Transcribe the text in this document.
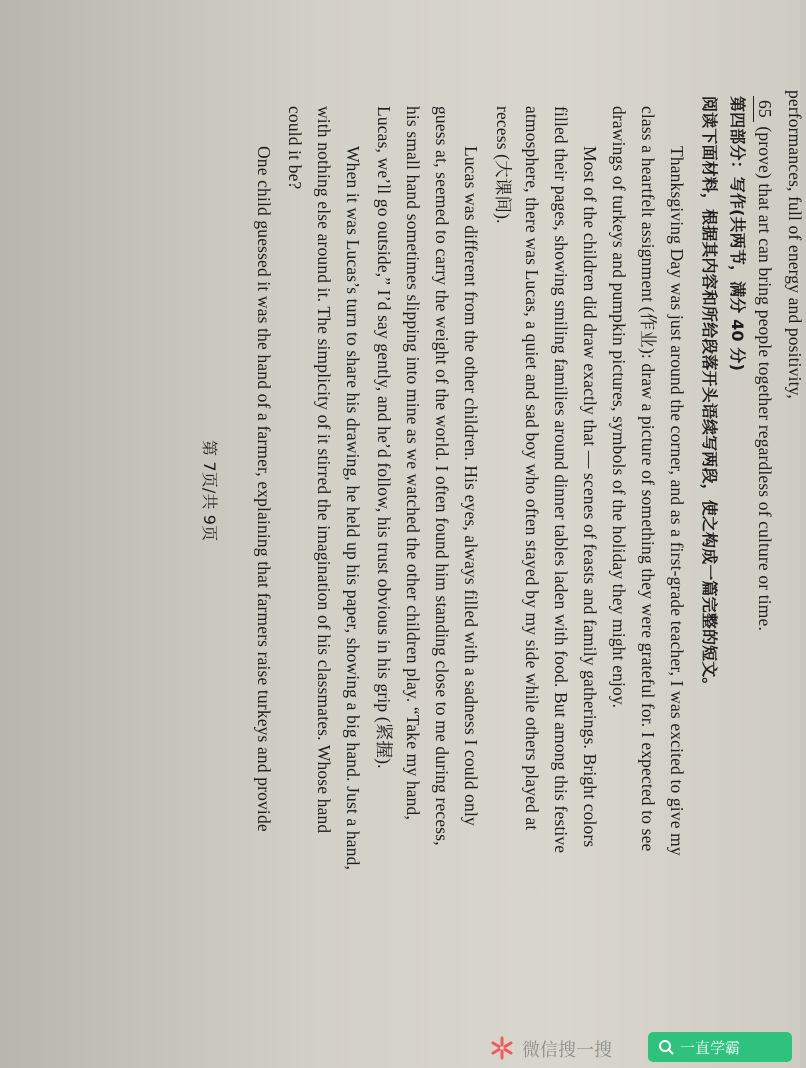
performances, full of energy and positivity,
65 (prove) that art can bring people together regardless of culture or time.
第四部分：写作(共两节，满分 40 分)
阅读下面材料，根据其内容和所给段落开头语续写两段，使之构成一篇完整的短文。
Thanksgiving Day was just around the corner, and as a first-grade teacher, I was excited to give my
class a heartfelt assignment (作业): draw a picture of something they were grateful for. I expected to see
drawings of turkeys and pumpkin pictures, symbols of the holiday they might enjoy.
Most of the children did draw exactly that — scenes of feasts and family gatherings. Bright colors
filled their pages, showing smiling families around dinner tables laden with food. But among this festive
atmosphere, there was Lucas, a quiet and sad boy who often stayed by my side while others played at
recess (大课间).
Lucas was different from the other children. His eyes, always filled with a sadness I could only
guess at, seemed to carry the weight of the world. I often found him standing close to me during recess,
his small hand sometimes slipping into mine as we watched the other children play. “Take my hand,
Lucas, we’ll go outside,” I’d say gently, and he’d follow, his trust obvious in his grip (紧握).
When it was Lucas’s turn to share his drawing, he held up his paper, showing a big hand. Just a hand,
with nothing else around it. The simplicity of it stirred the imagination of his classmates. Whose hand
could it be?
One child guessed it was the hand of a farmer, explaining that farmers raise turkeys and provide
第 7页/共 9页
微信搜一搜	一直学霸
